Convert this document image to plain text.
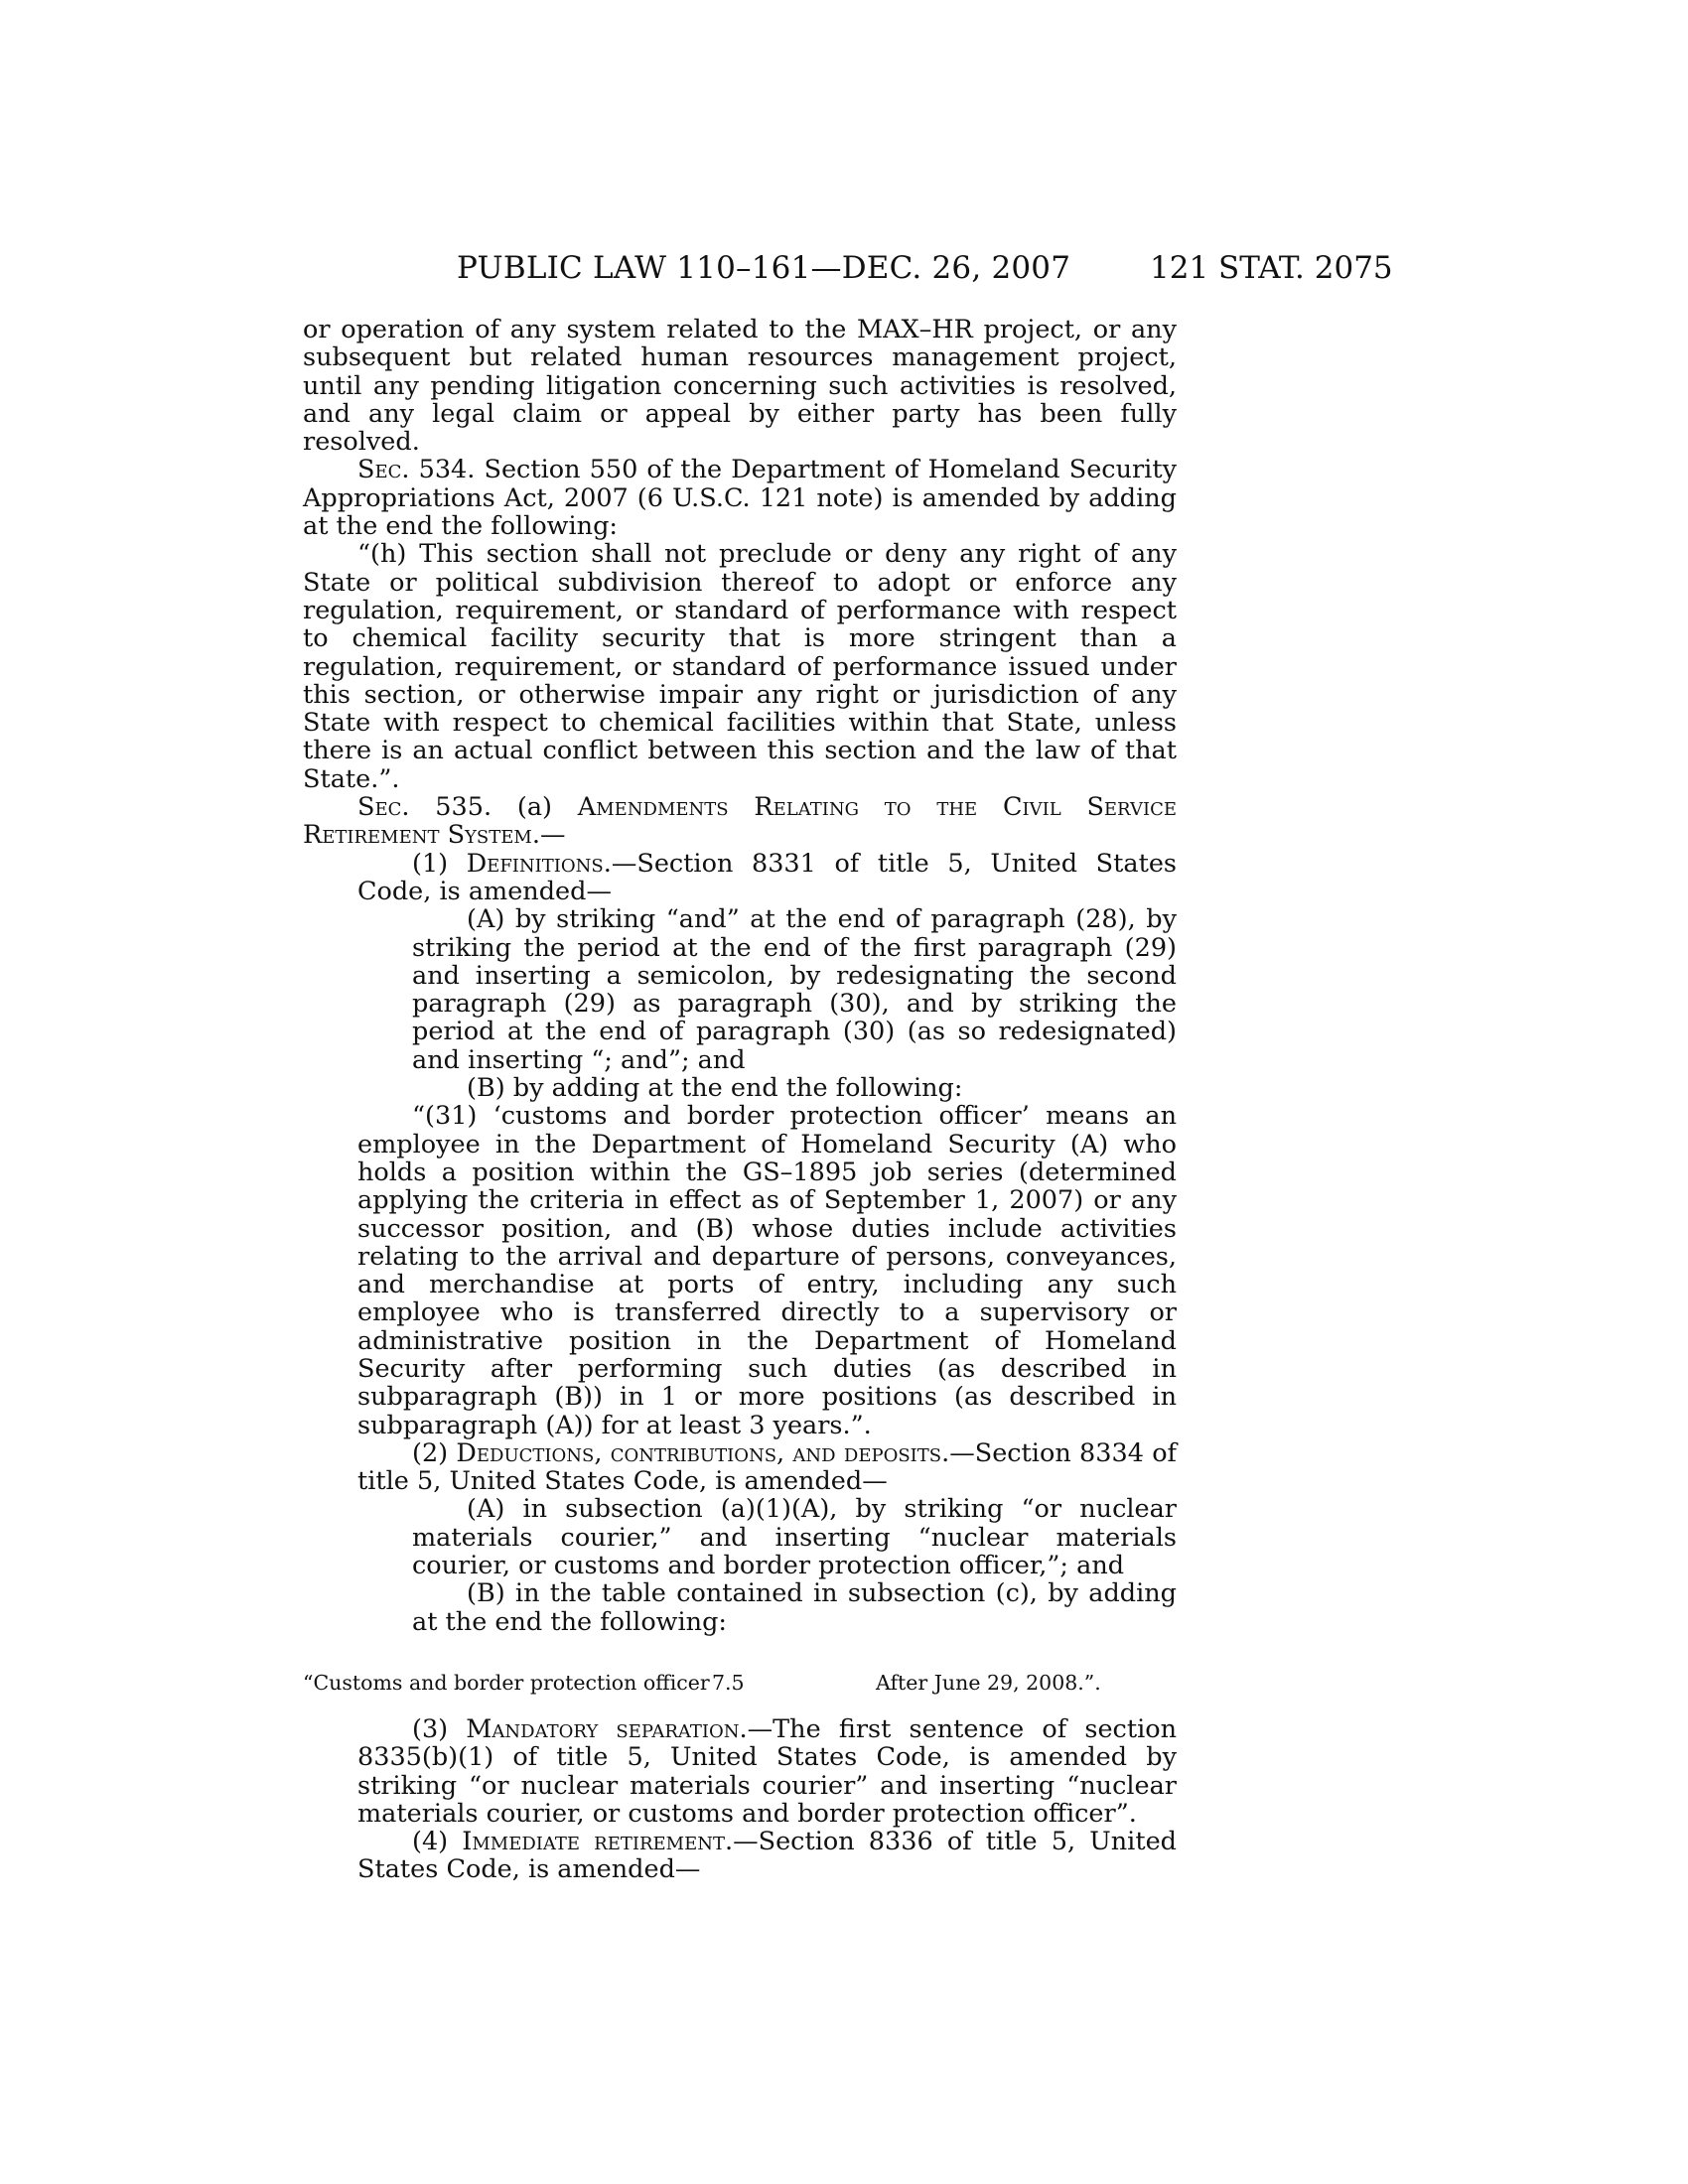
PUBLIC LAW 110–161—DEC. 26, 2007	121 STAT. 2075

or operation of any system related to the MAX–HR project, or any subsequent but related human resources management project, until any pending litigation concerning such activities is resolved, and any legal claim or appeal by either party has been fully resolved.

Sec. 534. Section 550 of the Department of Homeland Security Appropriations Act, 2007 (6 U.S.C. 121 note) is amended by adding at the end the following:

“(h) This section shall not preclude or deny any right of any State or political subdivision thereof to adopt or enforce any regulation, requirement, or standard of performance with respect to chemical facility security that is more stringent than a regulation, requirement, or standard of performance issued under this section, or otherwise impair any right or jurisdiction of any State with respect to chemical facilities within that State, unless there is an actual conflict between this section and the law of that State.”.

Sec. 535. (a) Amendments Relating to the Civil Service Retirement System.—

(1) Definitions.—Section 8331 of title 5, United States Code, is amended—

(A) by striking “and” at the end of paragraph (28), by striking the period at the end of the first paragraph (29) and inserting a semicolon, by redesignating the second paragraph (29) as paragraph (30), and by striking the period at the end of paragraph (30) (as so redesignated) and inserting “; and”; and

(B) by adding at the end the following:

“(31) ‘customs and border protection officer’ means an employee in the Department of Homeland Security (A) who holds a position within the GS–1895 job series (determined applying the criteria in effect as of September 1, 2007) or any successor position, and (B) whose duties include activities relating to the arrival and departure of persons, conveyances, and merchandise at ports of entry, including any such employee who is transferred directly to a supervisory or administrative position in the Department of Homeland Security after performing such duties (as described in subparagraph (B)) in 1 or more positions (as described in subparagraph (A)) for at least 3 years.”.

(2) Deductions, contributions, and deposits.—Section 8334 of title 5, United States Code, is amended—

(A) in subsection (a)(1)(A), by striking “or nuclear materials courier,” and inserting “nuclear materials courier, or customs and border protection officer,”; and

(B) in the table contained in subsection (c), by adding at the end the following:

“Customs and border protection officer 7.5	After June 29, 2008.”.

(3) Mandatory separation.—The first sentence of section 8335(b)(1) of title 5, United States Code, is amended by striking “or nuclear materials courier” and inserting “nuclear materials courier, or customs and border protection officer”.

(4) Immediate retirement.—Section 8336 of title 5, United States Code, is amended—
